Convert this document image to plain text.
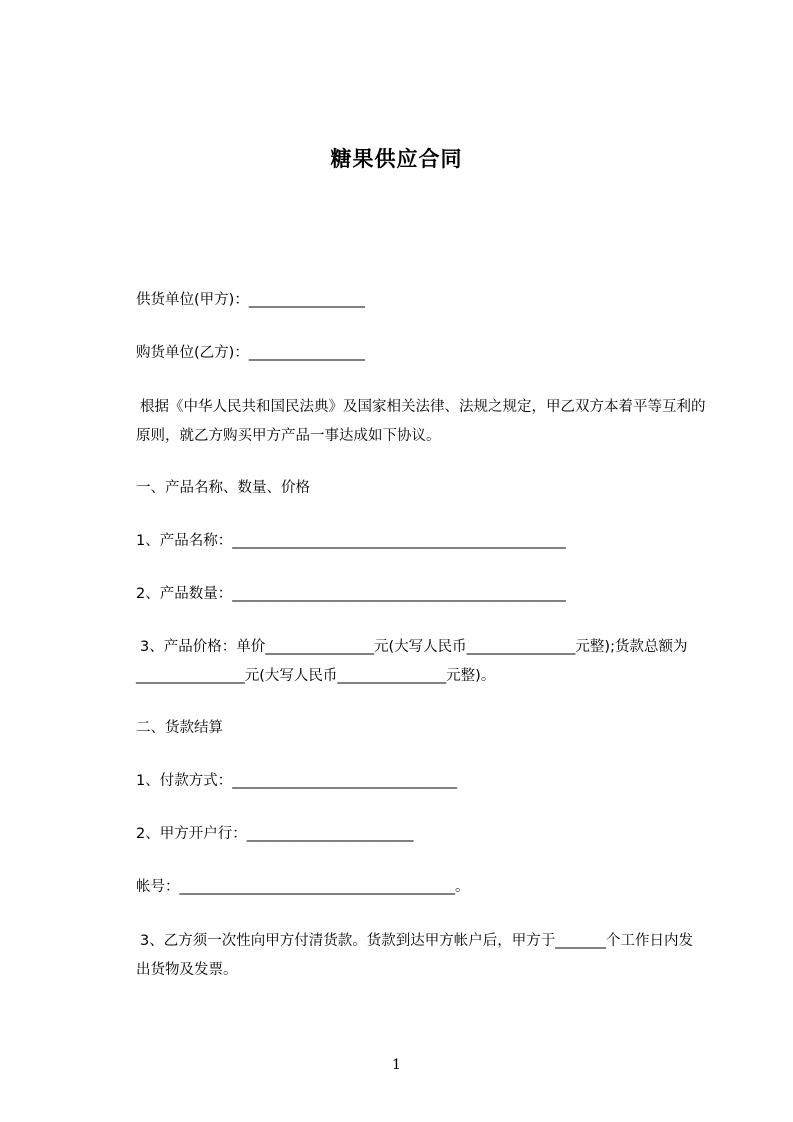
糖果供应合同
供货单位(甲方)：________________
购货单位(乙方)：________________
根据《中华人民共和国民法典》及国家相关法律、法规之规定，甲乙双方本着平等互利的原则，就乙方购买甲方产品一事达成如下协议。
一、产品名称、数量、价格
1、产品名称：______________________________________________
2、产品数量：______________________________________________
3、产品价格：单价_______________元(大写人民币_______________元整);货款总额为_______________元(大写人民币_______________元整)。
二、货款结算
1、付款方式：_______________________________
2、甲方开户行：_______________________
帐号：______________________________________。
3、乙方须一次性向甲方付清货款。货款到达甲方帐户后，甲方于_______个工作日内发出货物及发票。
1
